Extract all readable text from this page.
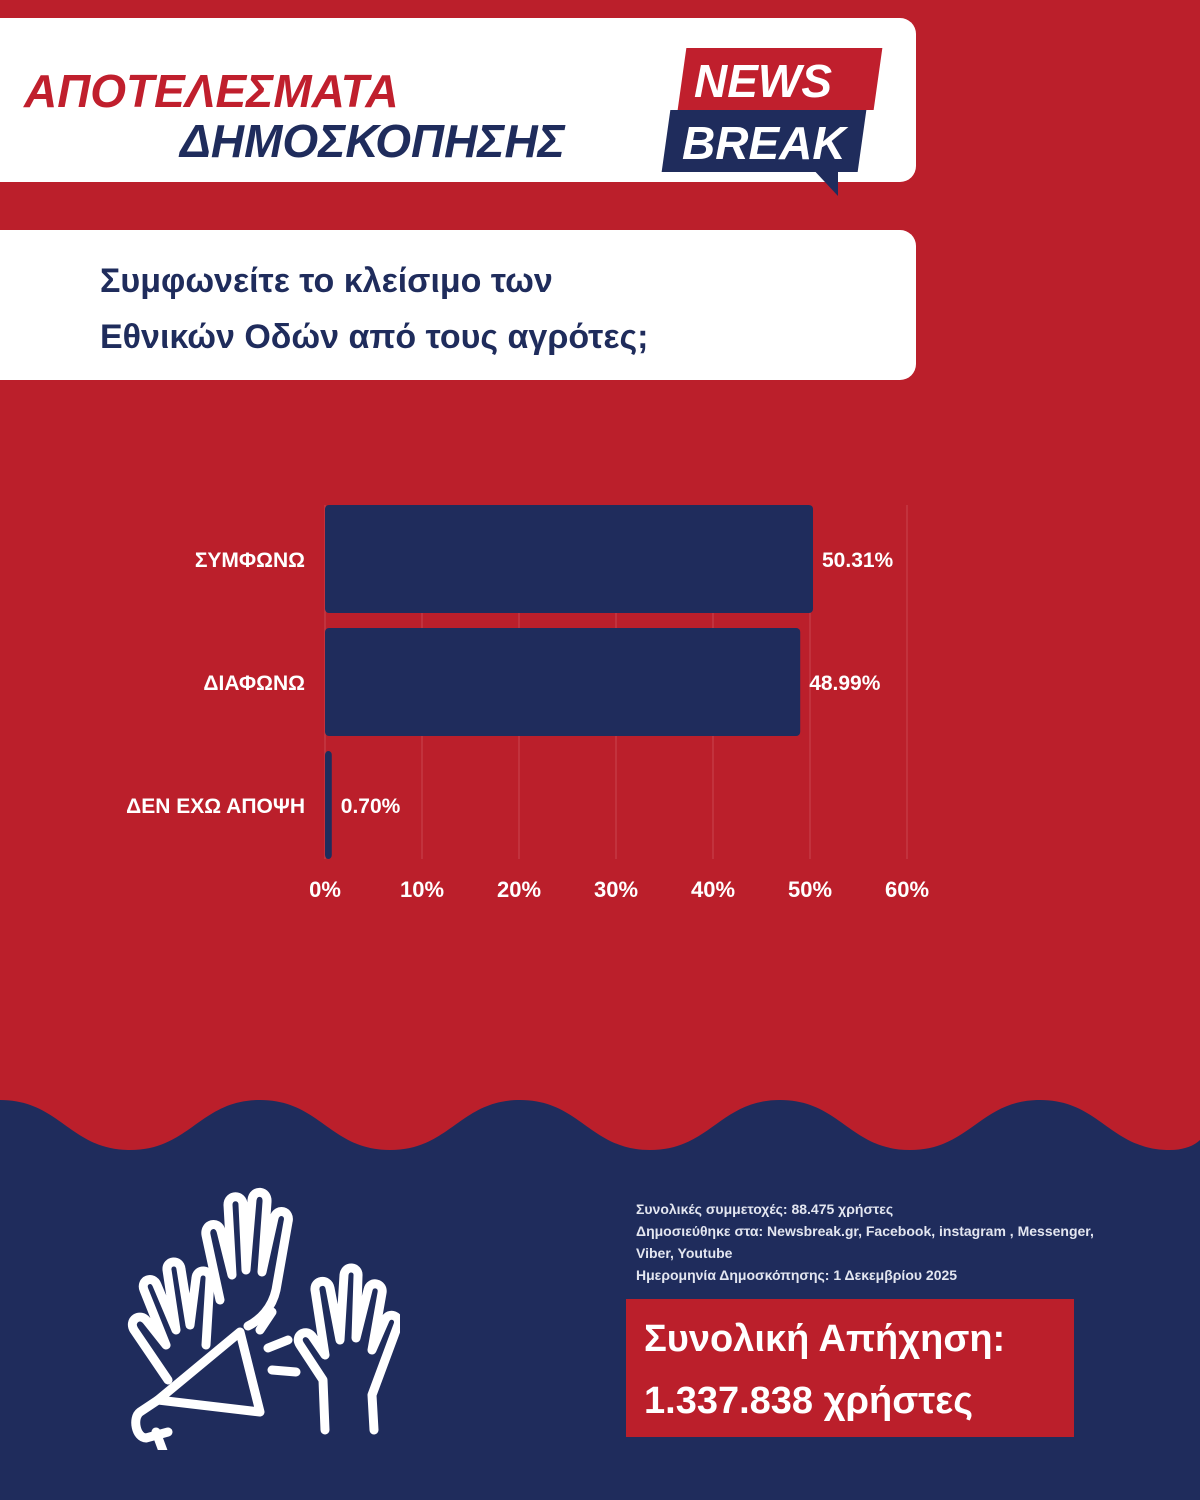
ΑΠΟΤΕΛΕΣΜΑΤΑ
ΔΗΜΟΣΚΟΠΗΣΗΣ
NEWS
BREAK
Συμφωνείτε το κλείσιμο των
Εθνικών Οδών από τους αγρότες;
0%	10% 20% 30% 40% 50% 60%
ΣΥΜΦΩΝΩ	50.31%
ΔΙΑΦΩΝΩ	48.99%
ΔΕΝ ΕΧΩ ΑΠΟΨΗ 0.70%
Συνολικές συμμετοχές: 88.475 χρήστες
Δημοσιεύθηκε στα: Newsbreak.gr, Facebook, instagram , Messenger,
Viber, Youtube
Ημερομηνία Δημοσκόπησης: 1 Δεκεμβρίου 2025
Συνολική Απήχηση:
1.337.838 χρήστες
